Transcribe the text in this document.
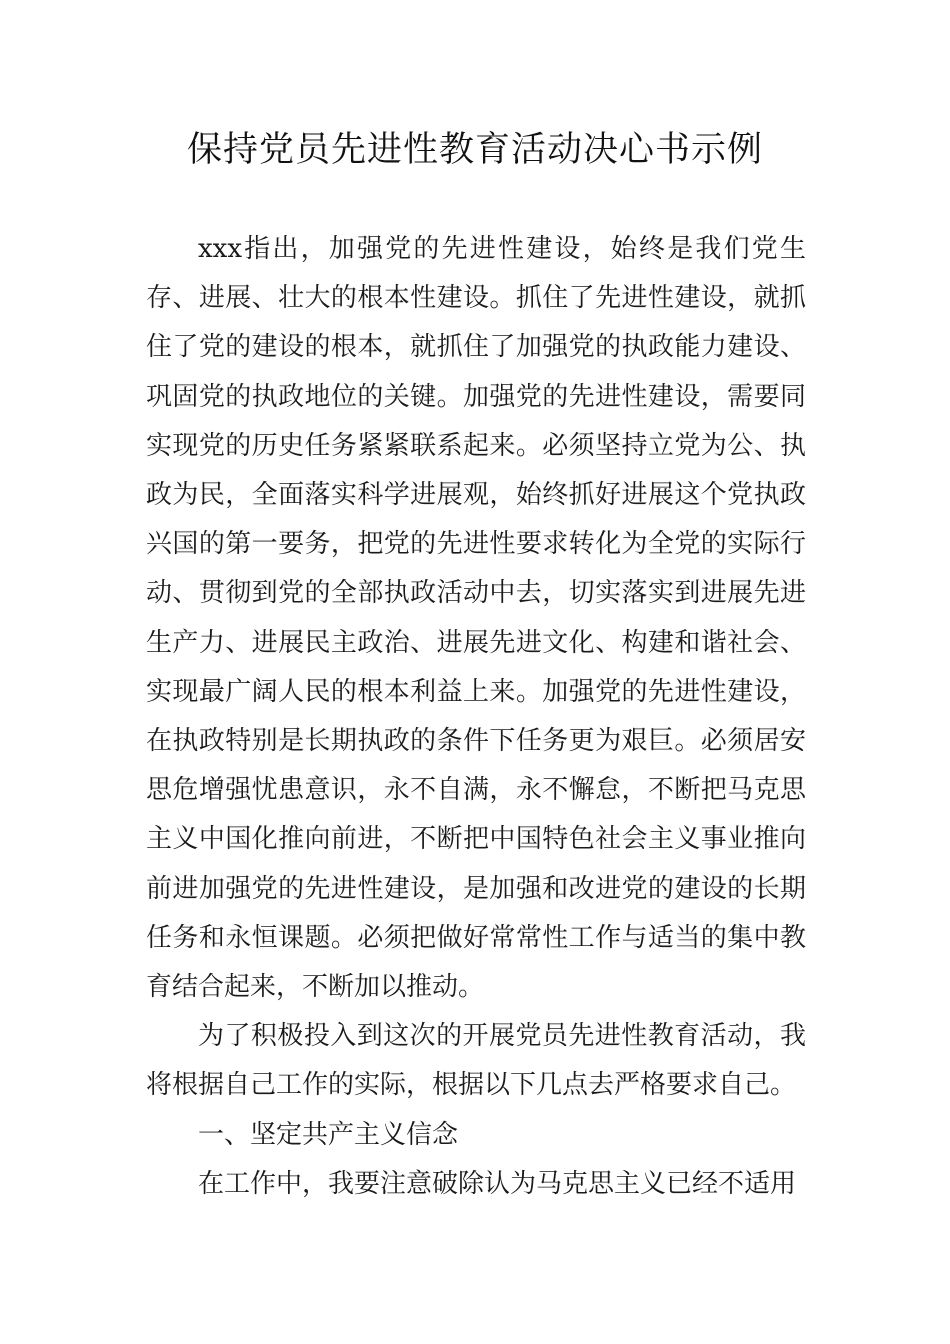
保持党员先进性教育活动决心书示例

xxx指出，加强党的先进性建设，始终是我们党生存、进展、壮大的根本性建设。抓住了先进性建设，就抓住了党的建设的根本，就抓住了加强党的执政能力建设、巩固党的执政地位的关键。加强党的先进性建设，需要同实现党的历史任务紧紧联系起来。必须坚持立党为公、执政为民，全面落实科学进展观，始终抓好进展这个党执政兴国的第一要务，把党的先进性要求转化为全党的实际行动、贯彻到党的全部执政活动中去，切实落实到进展先进生产力、进展民主政治、进展先进文化、构建和谐社会、实现最广阔人民的根本利益上来。加强党的先进性建设，在执政特别是长期执政的条件下任务更为艰巨。必须居安思危增强忧患意识，永不自满，永不懈怠，不断把马克思主义中国化推向前进，不断把中国特色社会主义事业推向前进加强党的先进性建设，是加强和改进党的建设的长期任务和永恒课题。必须把做好常常性工作与适当的集中教育结合起来，不断加以推动。

为了积极投入到这次的开展党员先进性教育活动，我将根据自己工作的实际，根据以下几点去严格要求自己。

一、坚定共产主义信念

在工作中，我要注意破除认为马克思主义已经不适用
